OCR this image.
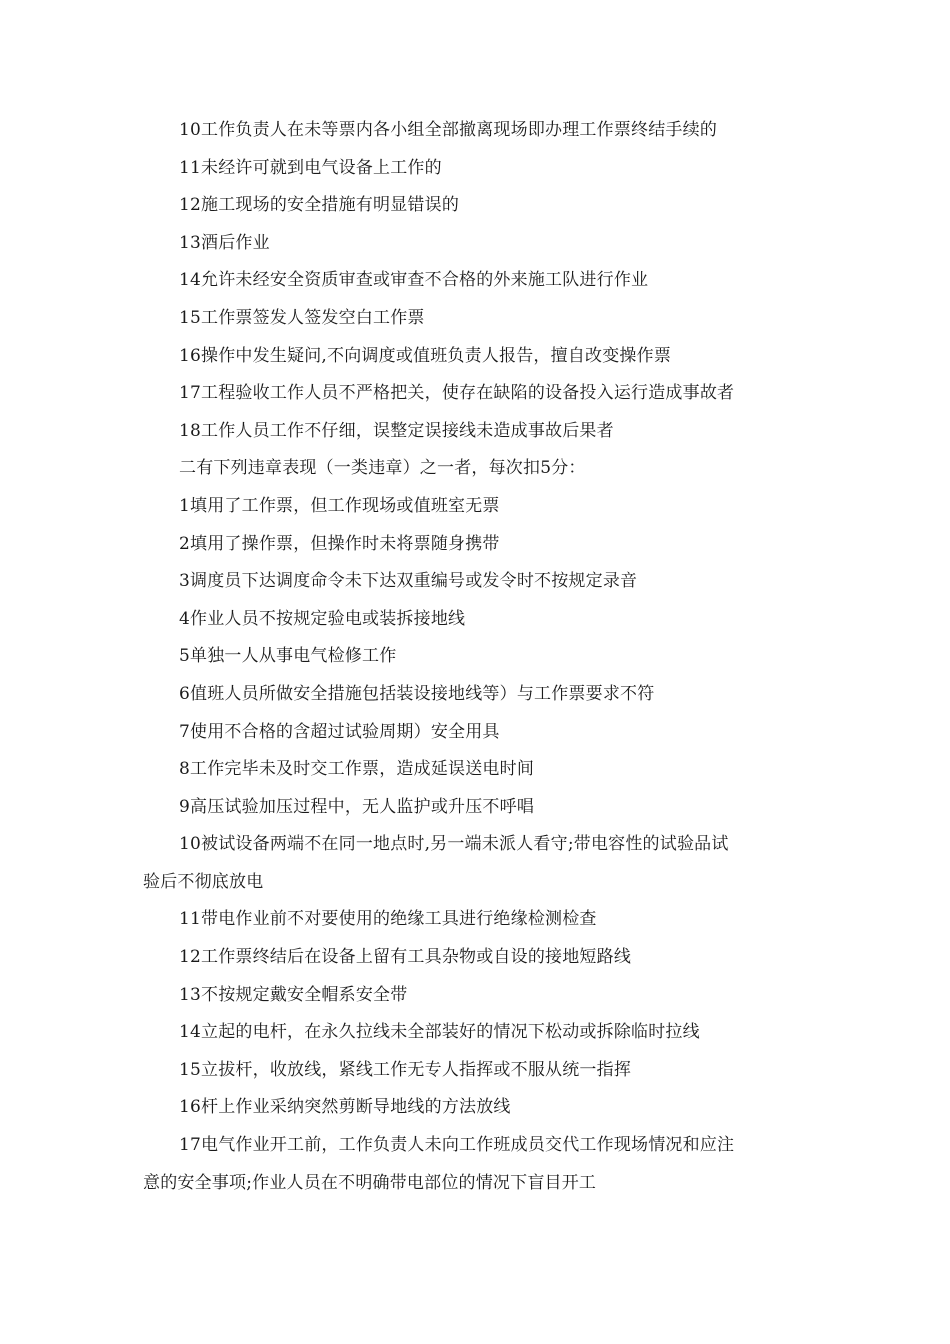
10工作负责人在未等票内各小组全部撤离现场即办理工作票终结手续的
11未经许可就到电气设备上工作的
12施工现场的安全措施有明显错误的
13酒后作业
14允许未经安全资质审查或审查不合格的外来施工队进行作业
15工作票签发人签发空白工作票
16操作中发生疑问,不向调度或值班负责人报告，擅自改变操作票
17工程验收工作人员不严格把关，使存在缺陷的设备投入运行造成事故者
18工作人员工作不仔细，误整定误接线未造成事故后果者
二有下列违章表现（一类违章）之一者，每次扣5分：
1填用了工作票，但工作现场或值班室无票
2填用了操作票，但操作时未将票随身携带
3调度员下达调度命令未下达双重编号或发令时不按规定录音
4作业人员不按规定验电或装拆接地线
5单独一人从事电气检修工作
6值班人员所做安全措施包括装设接地线等）与工作票要求不符
7使用不合格的含超过试验周期）安全用具
8工作完毕未及时交工作票，造成延误送电时间
9高压试验加压过程中，无人监护或升压不呼唱
10被试设备两端不在同一地点时,另一端未派人看守;带电容性的试验品试
验后不彻底放电
11带电作业前不对要使用的绝缘工具进行绝缘检测检查
12工作票终结后在设备上留有工具杂物或自设的接地短路线
13不按规定戴安全帽系安全带
14立起的电杆，在永久拉线未全部装好的情况下松动或拆除临时拉线
15立拔杆，收放线，紧线工作无专人指挥或不服从统一指挥
16杆上作业采纳突然剪断导地线的方法放线
17电气作业开工前，工作负责人未向工作班成员交代工作现场情况和应注
意的安全事项;作业人员在不明确带电部位的情况下盲目开工
